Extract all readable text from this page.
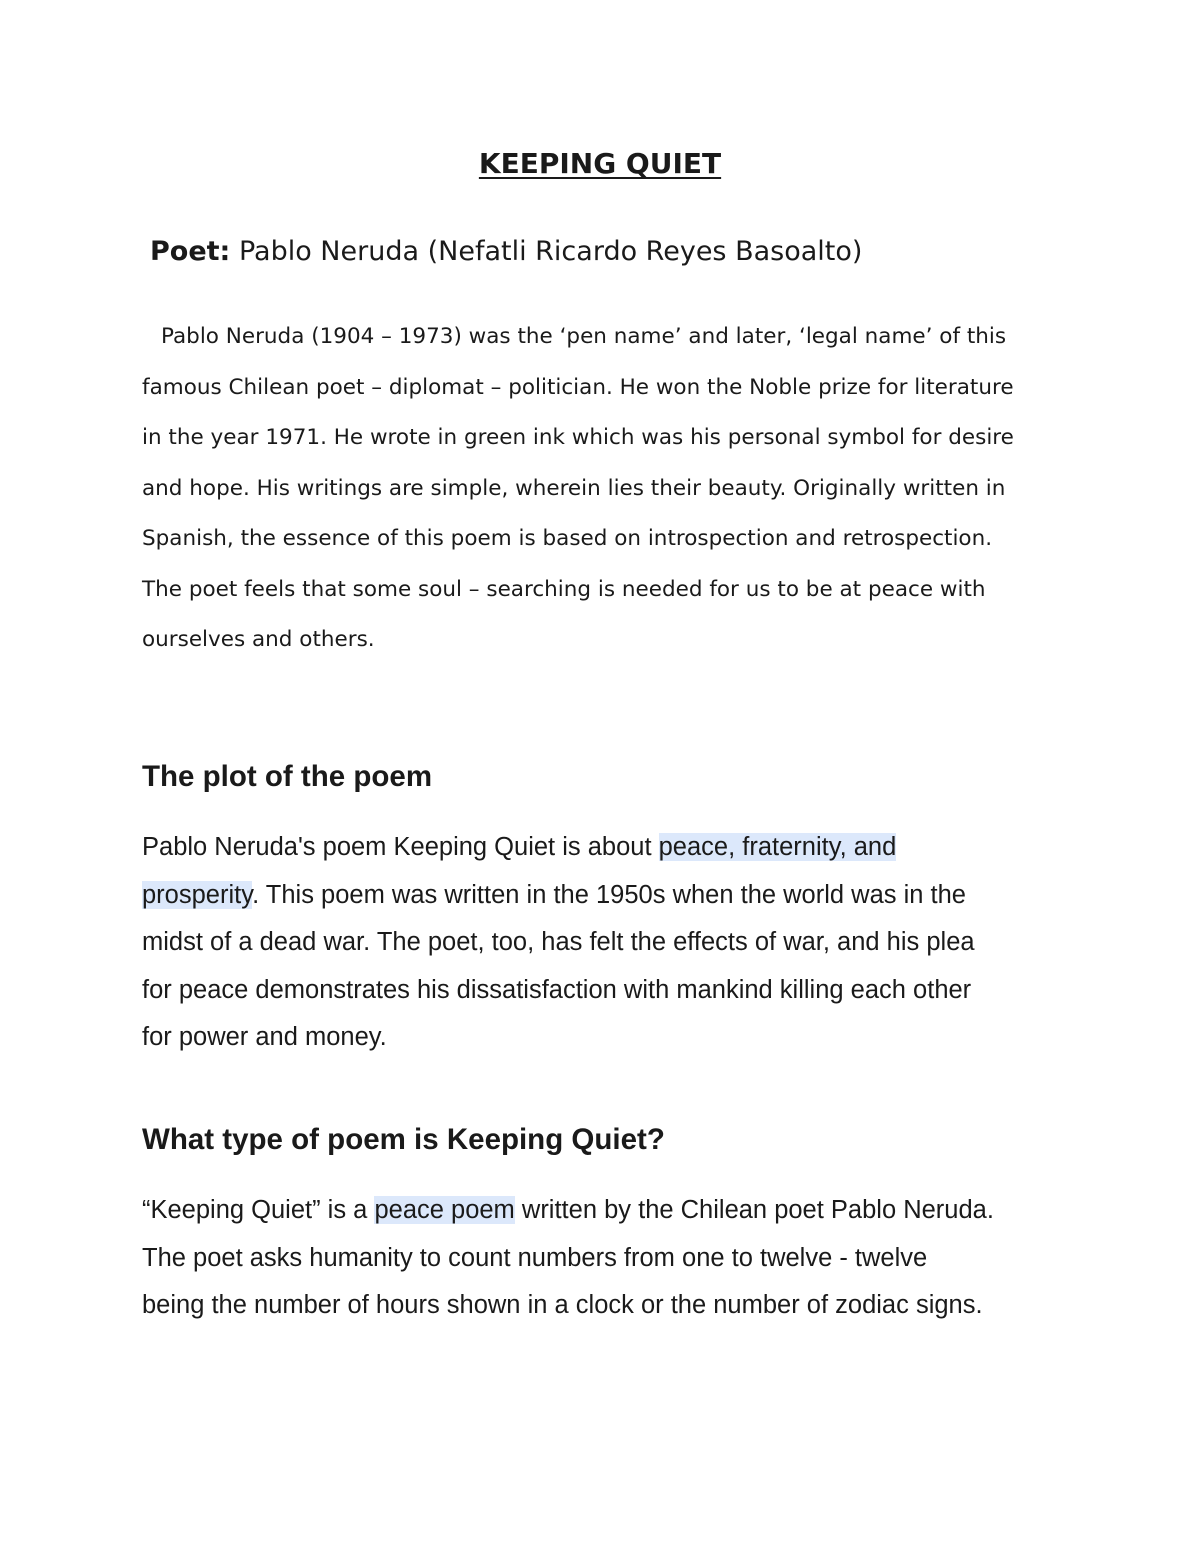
KEEPING QUIET

Poet: Pablo Neruda (Nefatli Ricardo Reyes Basoalto)

Pablo Neruda (1904 – 1973) was the ‘pen name’ and later, ‘legal name’ of this
famous Chilean poet – diplomat – politician. He won the Noble prize for literature
in the year 1971. He wrote in green ink which was his personal symbol for desire
and hope. His writings are simple, wherein lies their beauty. Originally written in
Spanish, the essence of this poem is based on introspection and retrospection.
The poet feels that some soul – searching is needed for us to be at peace with
ourselves and others.

The plot of the poem

Pablo Neruda's poem Keeping Quiet is about peace, fraternity, and
prosperity. This poem was written in the 1950s when the world was in the
midst of a dead war. The poet, too, has felt the effects of war, and his plea
for peace demonstrates his dissatisfaction with mankind killing each other
for power and money.

What type of poem is Keeping Quiet?

“Keeping Quiet” is a peace poem written by the Chilean poet Pablo Neruda.
The poet asks humanity to count numbers from one to twelve - twelve
being the number of hours shown in a clock or the number of zodiac signs.
